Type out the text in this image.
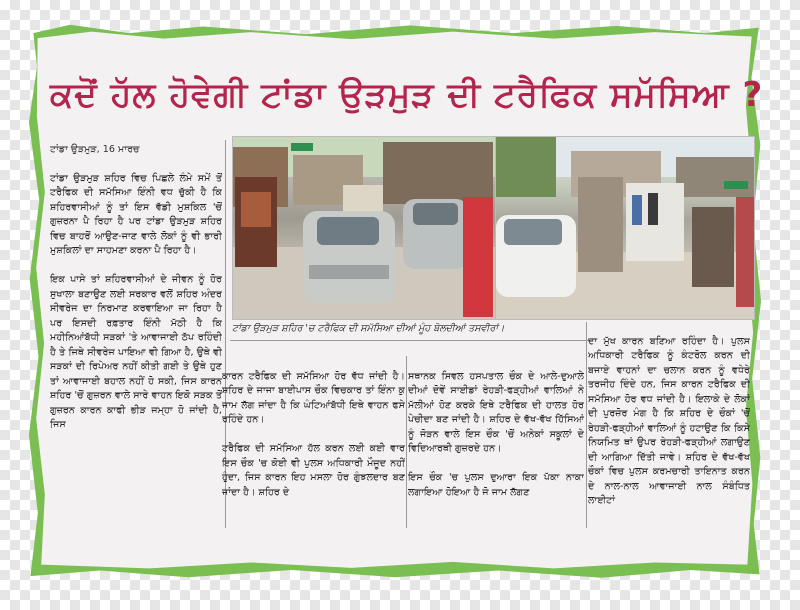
ਕਦੋਂ ਹੱਲ ਹੋਵੇਗੀ ਟਾਂਡਾ ਉੜਮੁੜ ਦੀ ਟਰੈਫਿਕ ਸਮੱਸਿਆ ?

ਟਾਂਡਾ ਉੜਮੁੜ, 16 ਮਾਰਚ

ਟਾਂਡਾ ਉੜਮੁੜ ਸ਼ਹਿਰ ਵਿਚ ਪਿਛਲੇ ਲੰਮੇ ਸਮੇਂ ਤੋਂ ਟਰੈਫਿਕ ਦੀ ਸਮੱਸਿਆ ਇੰਨੀ ਵਧ ਚੁੱਕੀ ਹੈ ਕਿ ਸ਼ਹਿਰਵਾਸੀਆਂ ਨੂੰ ਤਾਂ ਇਸ ਵੱਡੀ ਮੁਸ਼ਕਿਲ 'ਚੋਂ ਗੁਜ਼ਰਨਾ ਪੈ ਰਿਹਾ ਹੈ ਪਰ ਟਾਂਡਾ ਉੜਮੁੜ ਸ਼ਹਿਰ ਵਿਚ ਬਾਹਰੋਂ ਆਉਣ-ਜਾਣ ਵਾਲੇ ਲੋਕਾਂ ਨੂੰ ਵੀ ਭਾਰੀ ਮੁਸ਼ਕਿਲਾਂ ਦਾ ਸਾਹਮਣਾ ਕਰਨਾ ਪੈ ਰਿਹਾ ਹੈ।

ਇਕ ਪਾਸੇ ਤਾਂ ਸ਼ਹਿਰਵਾਸੀਆਂ ਦੇ ਜੀਵਨ ਨੂੰ ਹੋਰ ਸੁਖਾਲਾ ਬਣਾਉਣ ਲਈ ਸਰਕਾਰ ਵਲੋਂ ਸ਼ਹਿਰ ਅੰਦਰ ਸੀਵਰੇਜ ਦਾ ਨਿਰਮਾਣ ਕਰਵਾਇਆ ਜਾ ਰਿਹਾ ਹੈ ਪਰ ਇਸਦੀ ਰਫ਼ਤਾਰ ਇੰਨੀ ਮੱਠੀ ਹੈ ਕਿ ਮਹੀਨਿਆਂਬੱਧੀ ਸੜਕਾਂ 'ਤੇ ਆਵਾਜਾਈ ਠੱਪ ਰਹਿੰਦੀ ਹੈ ਤੇ ਜਿਥੇ ਸੀਵਰੇਜ ਪਾਇਆ ਵੀ ਗਿਆ ਹੈ, ਉਥੇ ਵੀ ਸੜਕਾਂ ਦੀ ਰਿਪੇਅਰ ਨਹੀਂ ਕੀਤੀ ਗਈ ਤੇ ਉਥੇ ਹੁਣ ਤਾਂ ਆਵਾਜਾਈ ਬਹਾਲ ਨਹੀਂ ਹੋ ਸਕੀ, ਜਿਸ ਕਾਰਨ ਸ਼ਹਿਰ 'ਚੋਂ ਗੁਜ਼ਰਨ ਵਾਲੇ ਸਾਰੇ ਵਾਹਨ ਇਕੋ ਸੜਕ ਤੋਂ ਗੁਜ਼ਰਨ ਕਾਰਨ ਕਾਫੀ ਭੀੜ ਜਮ੍ਹਾ ਹੋ ਜਾਂਦੀ ਹੈ, ਜਿਸ

ਟਾਂਡਾ ਉੜਮੁੜ ਸ਼ਹਿਰ 'ਚ ਟਰੈਫਿਕ ਦੀ ਸਮੱਸਿਆ ਦੀਆਂ ਮੂੰਹ ਬੋਲਦੀਆਂ ਤਸਵੀਰਾਂ।

ਕਾਰਨ ਟਰੈਫਿਕ ਦੀ ਸਮੱਸਿਆ ਹੋਰ ਵੱਧ ਜਾਂਦੀ ਹੈ।ਸ਼ਹਿਰ ਦੇ ਜਾਜਾ ਬਾਈਪਾਸ ਚੌਕ ਵਿਚਕਾਰ ਤਾਂ ਇੰਨਾ ਕੁ ਜਾਮ ਲੱਗ ਜਾਂਦਾ ਹੈ ਕਿ ਘੰਟਿਆਂਬੱਧੀ ਇਥੇ ਵਾਹਨ ਫਸੇ ਰਹਿੰਦੇ ਹਨ।

ਟਰੈਫਿਕ ਦੀ ਸਮੱਸਿਆ ਹੱਲ ਕਰਨ ਲਈ ਕਈ ਵਾਰ ਇਸ ਚੌਕ 'ਚ ਕੋਈ ਵੀ ਪੁਲਸ ਅਧਿਕਾਰੀ ਮੌਜੂਦ ਨਹੀਂ ਹੁੰਦਾ, ਜਿਸ ਕਾਰਨ ਇਹ ਮਸਲਾ ਹੋਰ ਗੁੰਝਲਦਾਰ ਬਣ ਜਾਂਦਾ ਹੈ। ਸ਼ਹਿਰ ਦੇ

ਸਥਾਨਕ ਸਿਵਲ ਹਸਪਤਾਲ ਚੌਕ ਦੇ ਆਲੇ-ਦੁਆਲੇ ਦੀਆਂ ਦੋਵੇਂ ਸਾਈਡਾਂ ਰੇਹੜੀ-ਫੜ੍ਹੀਆਂ ਵਾਲਿਆਂ ਨੇ ਮੱਲੀਆਂ ਹੋਣ ਕਰਕੇ ਇਥੇ ਟਰੈਫਿਕ ਦੀ ਹਾਲਤ ਹੋਰ ਪੇਚੀਦਾ ਬਣ ਜਾਂਦੀ ਹੈ। ਸ਼ਹਿਰ ਦੇ ਵੱਖ-ਵੱਖ ਹਿੱਸਿਆਂ ਨੂੰ ਜੋੜਨ ਵਾਲੇ ਇਸ ਚੌਕ 'ਚੋਂ ਅਨੇਕਾਂ ਸਕੂਲਾਂ ਦੇ ਵਿਦਿਆਰਥੀ ਗੁਜ਼ਰਦੇ ਹਨ।

ਇਸ ਚੌਕ 'ਚ ਪੁਲਸ ਦੁਆਰਾ ਇਕ ਪੱਕਾ ਨਾਕਾ ਲਗਾਇਆ ਹੋਇਆ ਹੈ ਜੋ ਜਾਮ ਲੱਗਣ

ਦਾ ਮੁੱਖ ਕਾਰਨ ਬਣਿਆ ਰਹਿੰਦਾ ਹੈ। ਪੁਲਸ ਅਧਿਕਾਰੀ ਟਰੈਫਿਕ ਨੂੰ ਕੰਟਰੋਲ ਕਰਨ ਦੀ ਬਜਾਏ ਵਾਹਨਾਂ ਦਾ ਚਲਾਨ ਕਰਨ ਨੂੰ ਵਧੇਰੇ ਤਰਜੀਹ ਦਿੰਦੇ ਹਨ, ਜਿਸ ਕਾਰਨ ਟਰੈਫਿਕ ਦੀ ਸਮੱਸਿਆ ਹੋਰ ਵਧ ਜਾਂਦੀ ਹੈ। ਇਲਾਕੇ ਦੇ ਲੋਕਾਂ ਦੀ ਪੁਰਜ਼ੋਰ ਮੰਗ ਹੈ ਕਿ ਸ਼ਹਿਰ ਦੇ ਚੌਕਾਂ 'ਚੋਂ ਰੇਹੜੀ-ਫੜ੍ਹੀਆਂ ਵਾਲਿਆਂ ਨੂੰ ਹਟਾਉਣ ਕਿ ਕਿਸੇ ਨਿਯਮਿਤ ਥਾਂ ਉਪਰ ਰੇਹੜੀ-ਫੜ੍ਹੀਆਂ ਲਗਾਉਣ ਦੀ ਆਗਿਆ ਦਿੱਤੀ ਜਾਵੇ। ਸ਼ਹਿਰ ਦੇ ਵੱਖ-ਵੱਖ ਚੌਕਾਂ ਵਿਚ ਪੁਲਸ ਕਰਮਚਾਰੀ ਤਾਇਨਾਤ ਕਰਨ ਦੇ ਨਾਲ-ਨਾਲ ਆਵਾਜਾਈ ਨਾਲ ਸੰਬੰਧਿਤ ਲਾਈਟਾਂ
